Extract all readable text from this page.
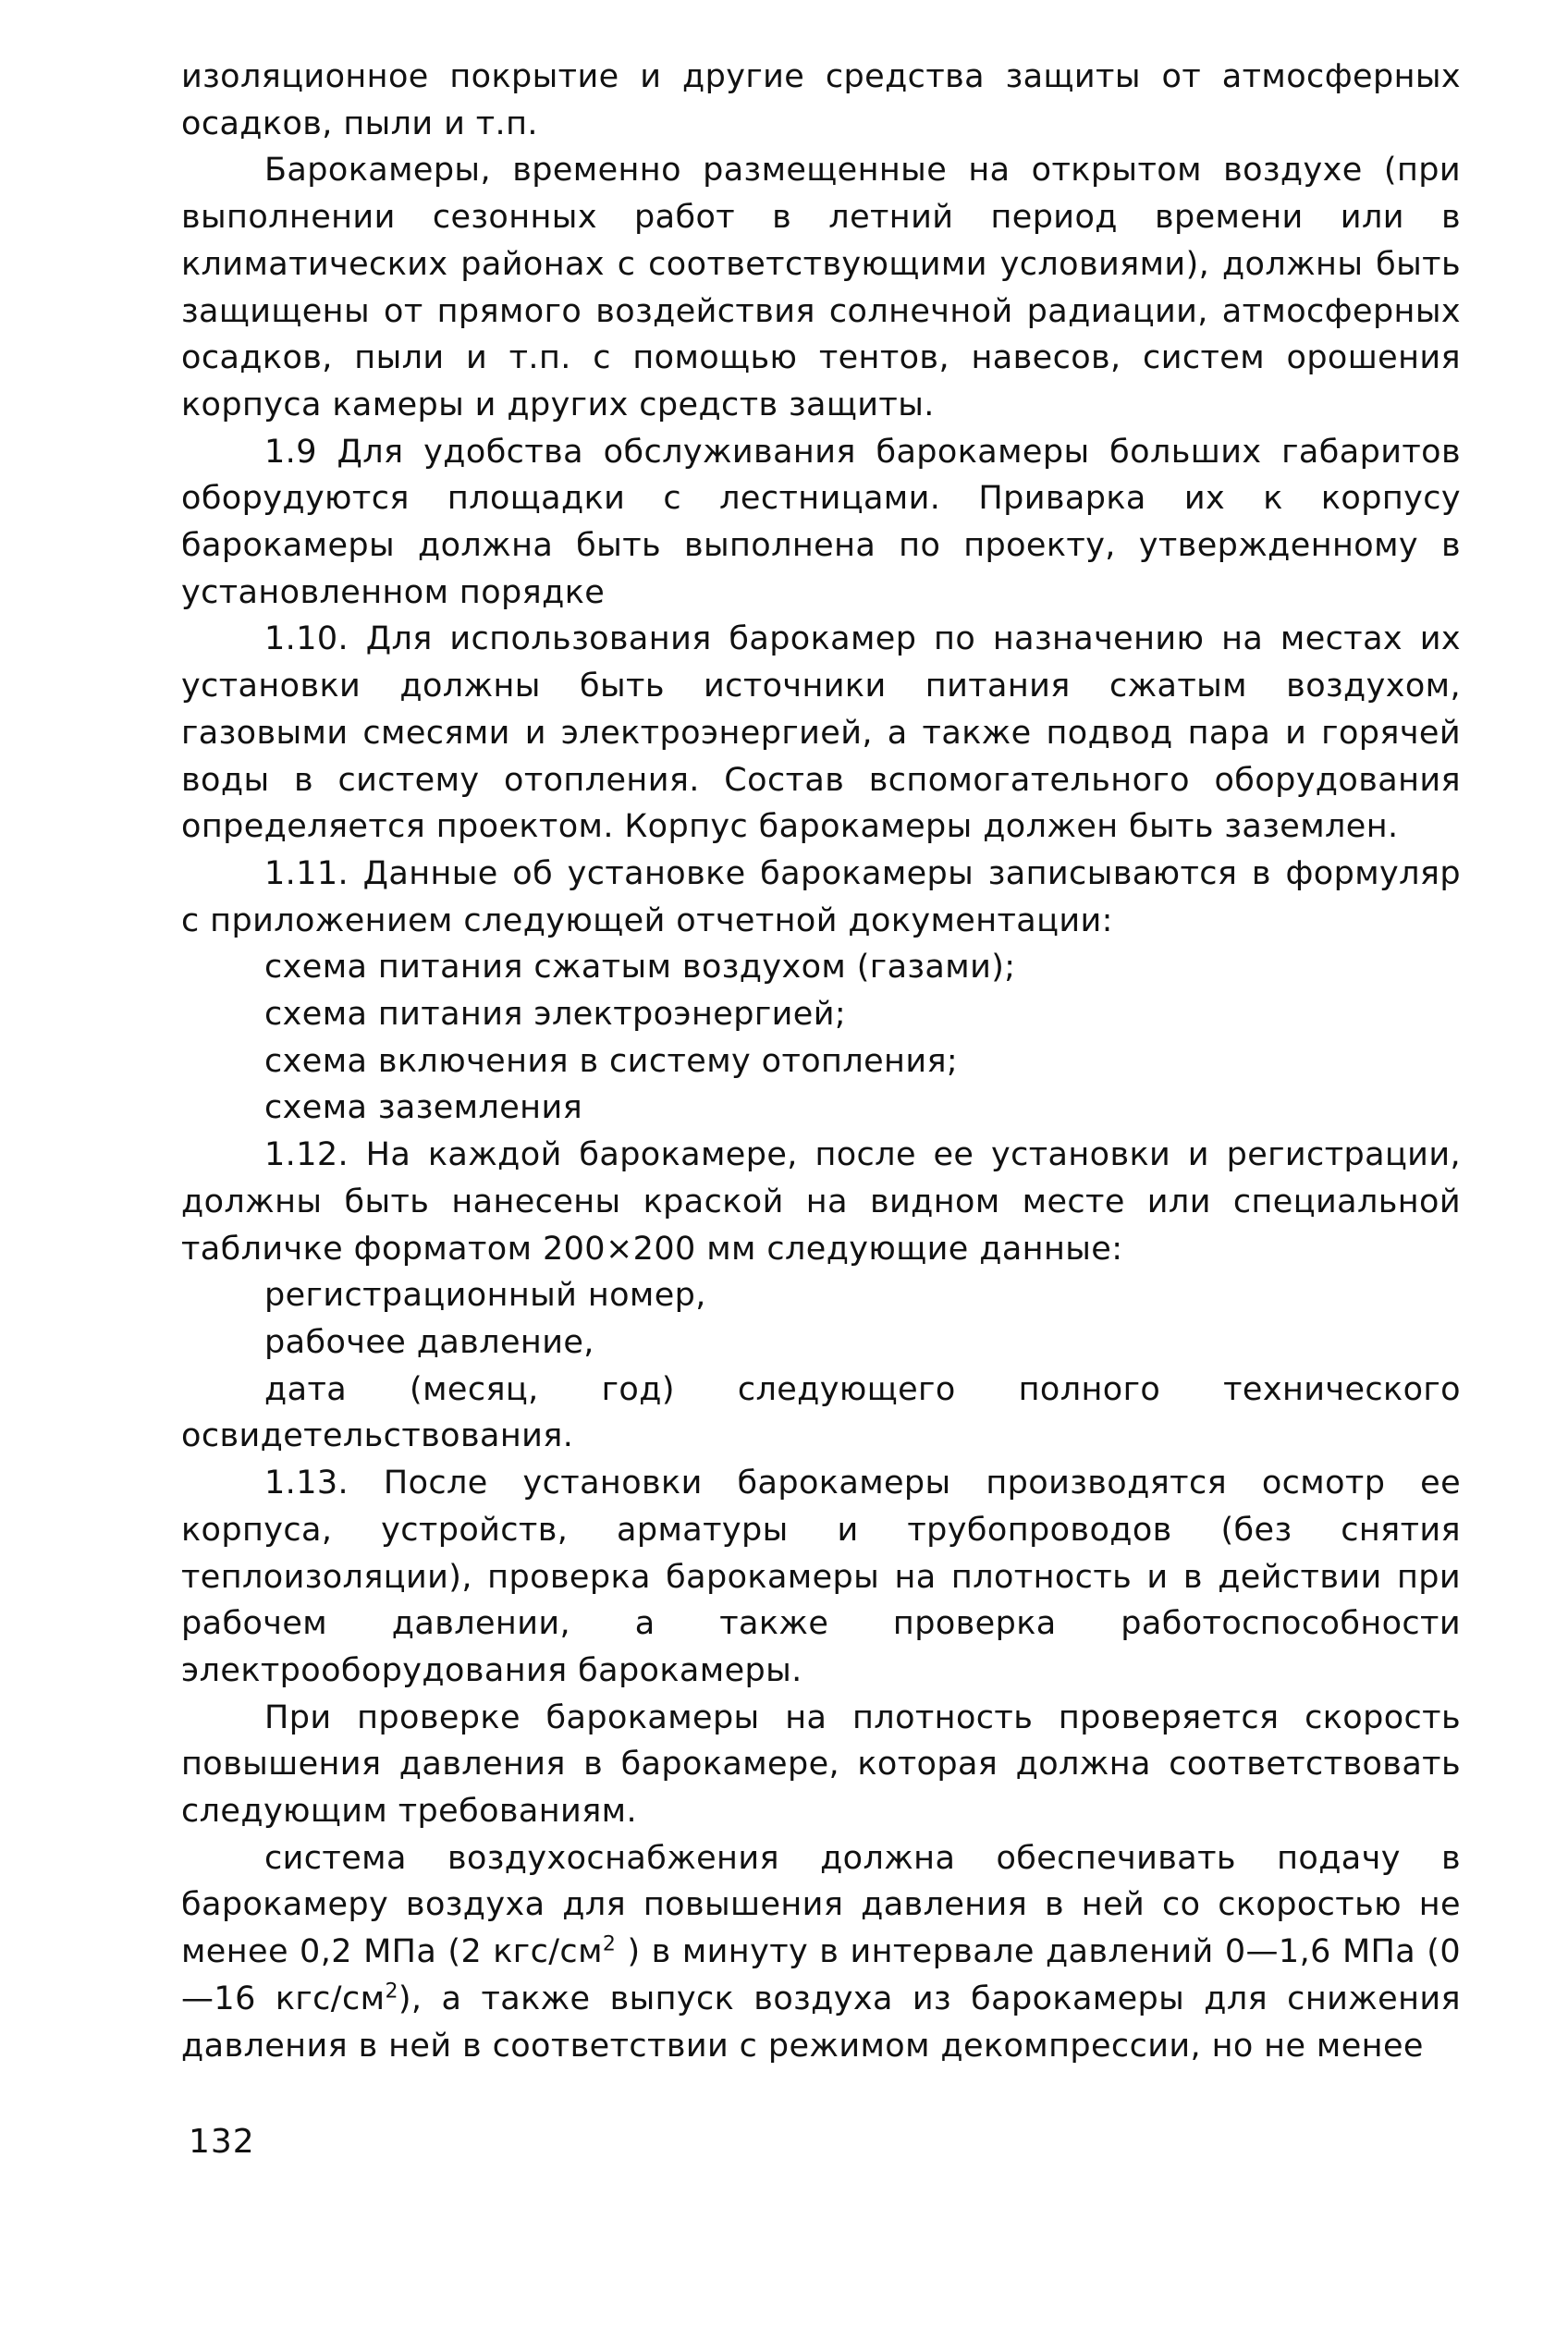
изоляционное покрытие и другие средства защиты от атмосферных осадков, пыли и т.п.

Барокамеры, временно размещенные на открытом воздухе (при выполнении сезонных работ в летний период времени или в климатических районах с соответствующими условиями), должны быть защищены от прямого воздействия солнечной радиации, атмосферных осадков, пыли и т.п. с помощью тентов, навесов, систем орошения корпуса камеры и других средств защиты.

1.9 Для удобства обслуживания барокамеры больших габаритов оборудуются площадки с лестницами. Приварка их к корпусу барокамеры должна быть выполнена по проекту, утвержденному в установленном порядке

1.10. Для использования барокамер по назначению на местах их установки должны быть источники питания сжатым воздухом, газовыми смесями и электроэнергией, а также подвод пара и горячей воды в систему отопления. Состав вспомогательного оборудования определяется проектом. Корпус барокамеры должен быть заземлен.

1.11. Данные об установке барокамеры записываются в формуляр с приложением следующей отчетной документации:

схема питания сжатым воздухом (газами);

схема питания электроэнергией;

схема включения в систему отопления;

схема заземления

1.12. На каждой барокамере, после ее установки и регистрации, должны быть нанесены краской на видном месте или специальной табличке форматом 200×200 мм следующие данные:

регистрационный номер,

рабочее давление,

дата (месяц, год) следующего полного технического освидетельствования.

1.13. После установки барокамеры производятся осмотр ее корпуса, устройств, арматуры и трубопроводов (без снятия теплоизоляции), проверка барокамеры на плотность и в действии при рабочем давлении, а также проверка работоспособности электрооборудования барокамеры.

При проверке барокамеры на плотность проверяется скорость повышения давления в барокамере, которая должна соответствовать следующим требованиям.

система воздухоснабжения должна обеспечивать подачу в барокамеру воздуха для повышения давления в ней со скоростью не менее 0,2 МПа (2 кгс/$см^2$ ) в минуту в интервале давлений 0—1,6 МПа (0—16 кгс/$см^2$), а также выпуск воздуха из барокамеры для снижения давления в ней в соответствии с режимом декомпрессии, но не менее

132
